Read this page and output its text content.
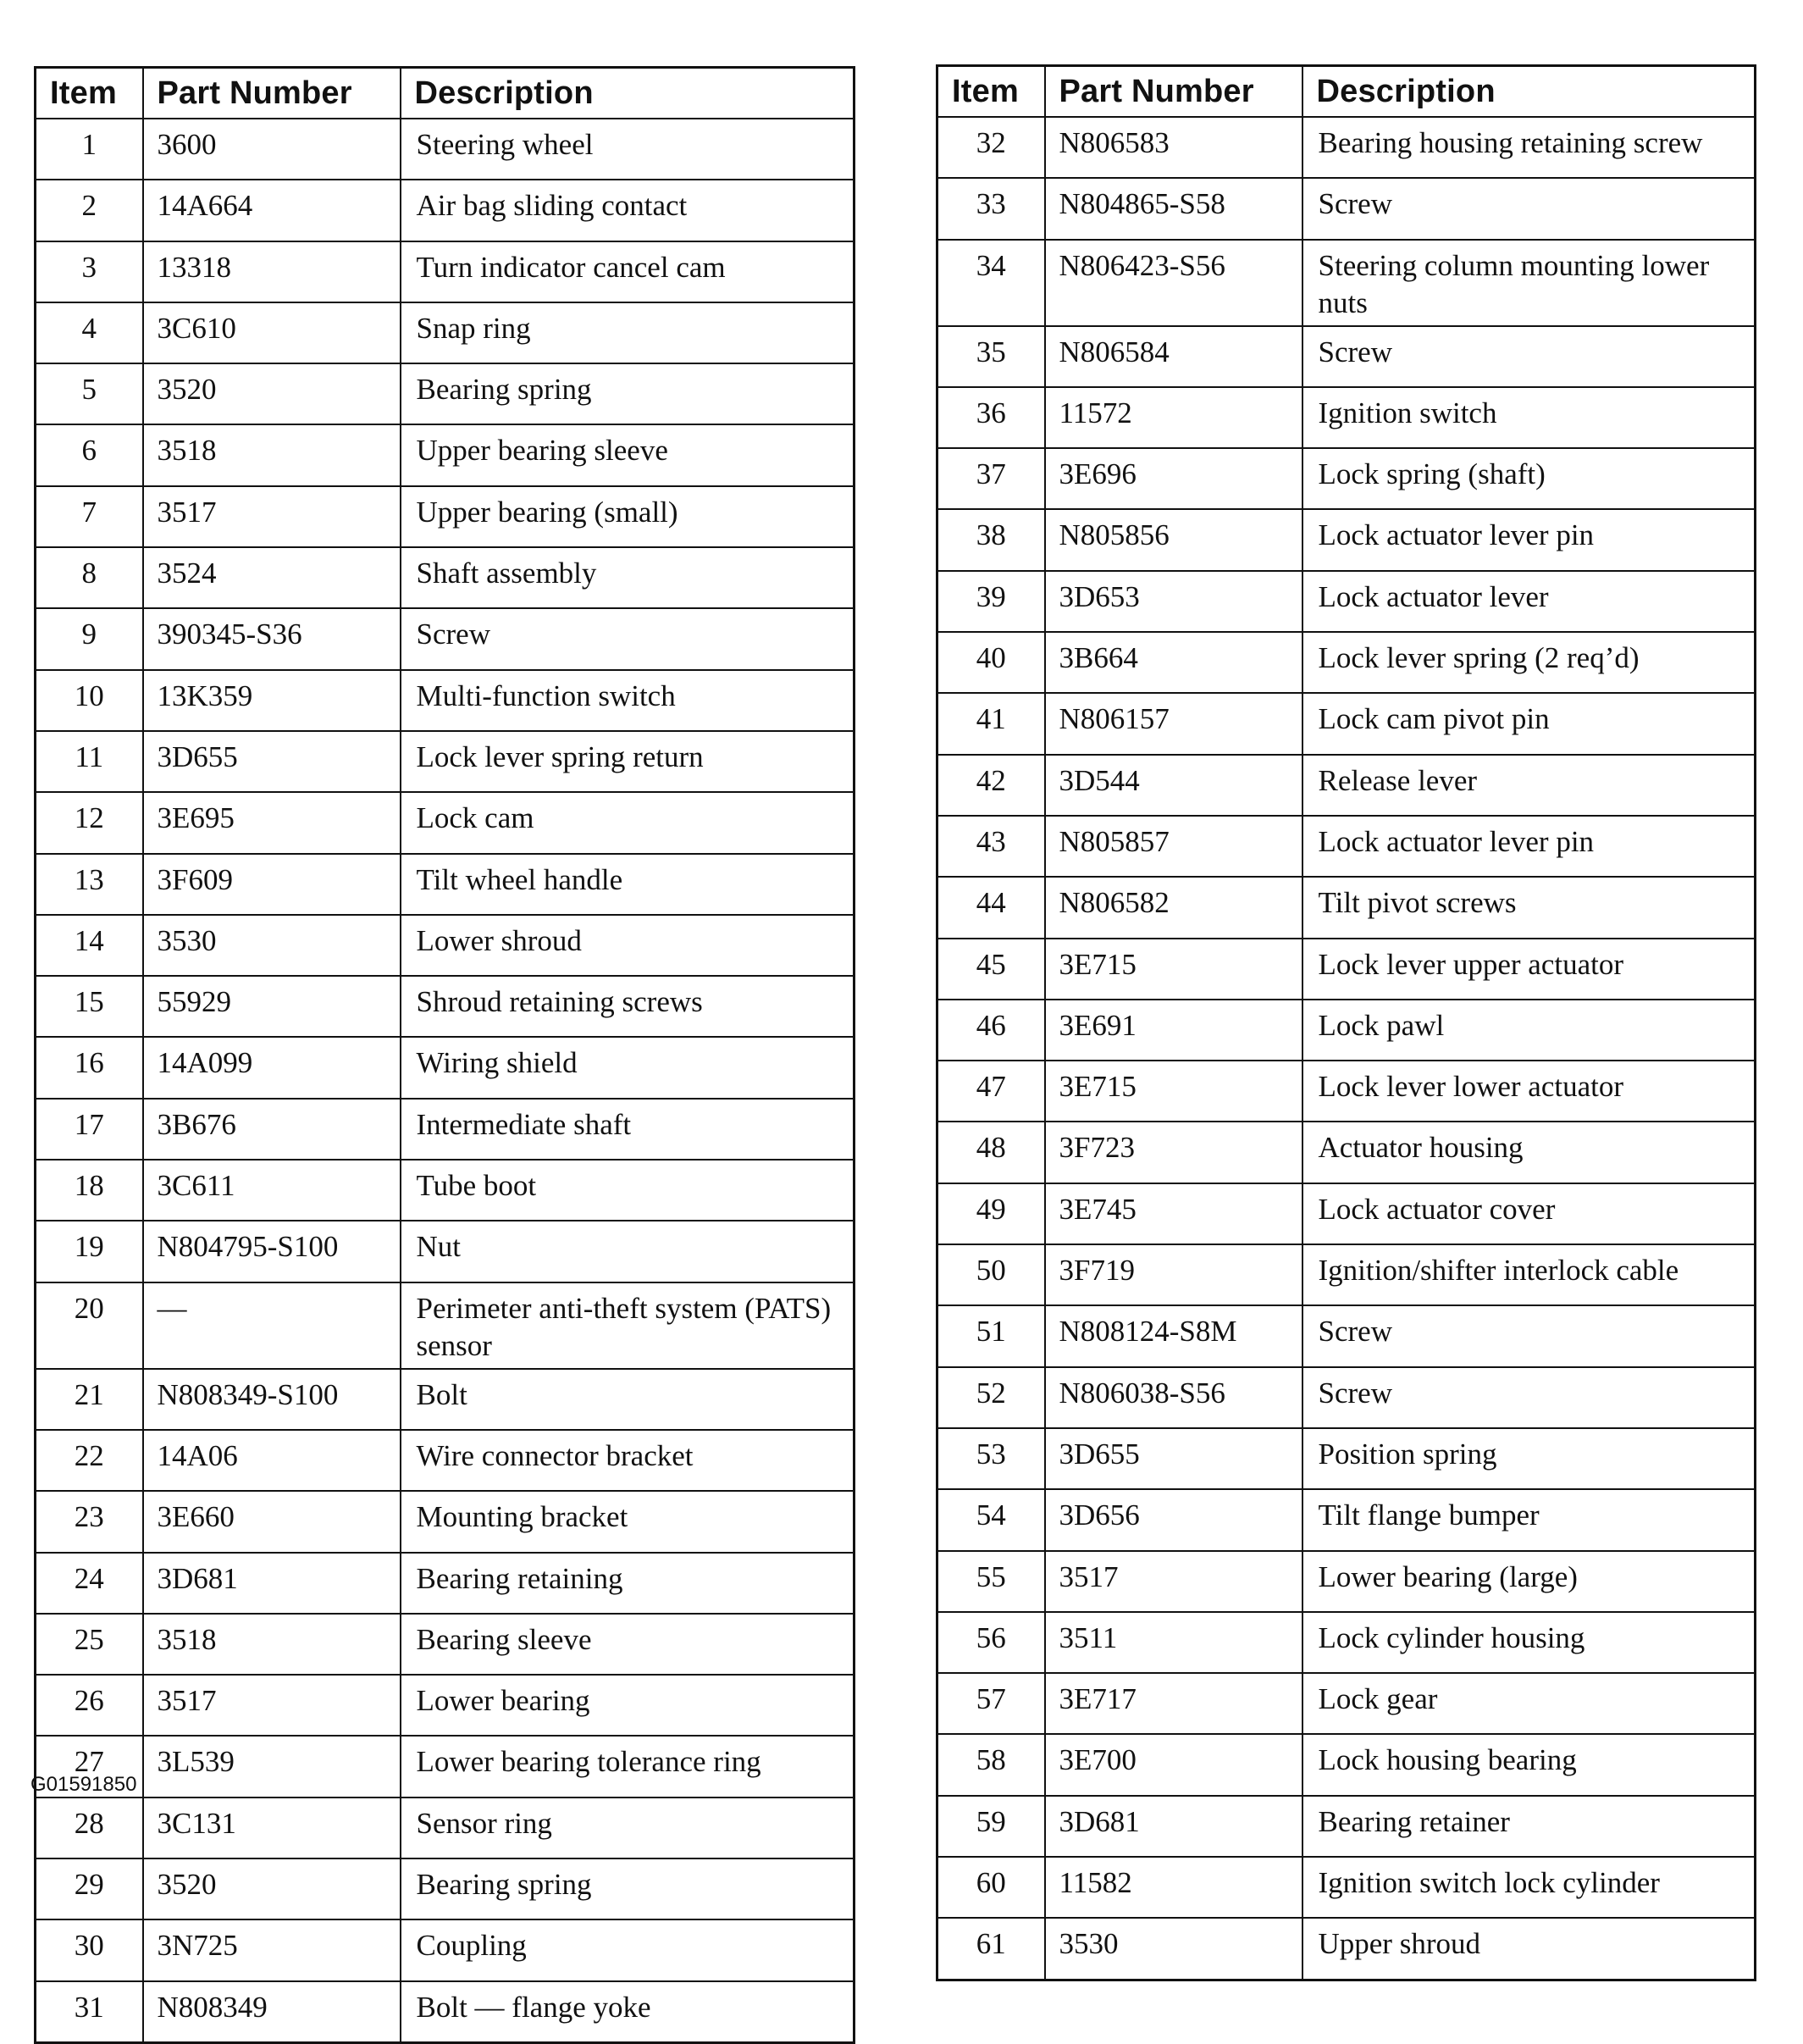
Item	Part Number	Description
1	3600	Steering wheel
2	14A664	Air bag sliding contact
3	13318	Turn indicator cancel cam
4	3C610	Snap ring
5	3520	Bearing spring
6	3518	Upper bearing sleeve
7	3517	Upper bearing (small)
8	3524	Shaft assembly
9	390345-S36	Screw
10	13K359	Multi-function switch
11	3D655	Lock lever spring return
12	3E695	Lock cam
13	3F609	Tilt wheel handle
14	3530	Lower shroud
15	55929	Shroud retaining screws
16	14A099	Wiring shield
17	3B676	Intermediate shaft
18	3C611	Tube boot
19	N804795-S100	Nut
20	—	Perimeter anti-theft system (PATS) sensor
21	N808349-S100	Bolt
22	14A06	Wire connector bracket
23	3E660	Mounting bracket
24	3D681	Bearing retaining
25	3518	Bearing sleeve
26	3517	Lower bearing
27	3L539	Lower bearing tolerance ring
28	3C131	Sensor ring
29	3520	Bearing spring
30	3N725	Coupling
31	N808349	Bolt — flange yoke
Item	Part Number	Description
32	N806583	Bearing housing retaining screw
33	N804865-S58	Screw
34	N806423-S56	Steering column mounting lower nuts
35	N806584	Screw
36	11572	Ignition switch
37	3E696	Lock spring (shaft)
38	N805856	Lock actuator lever pin
39	3D653	Lock actuator lever
40	3B664	Lock lever spring (2 req’d)
41	N806157	Lock cam pivot pin
42	3D544	Release lever
43	N805857	Lock actuator lever pin
44	N806582	Tilt pivot screws
45	3E715	Lock lever upper actuator
46	3E691	Lock pawl
47	3E715	Lock lever lower actuator
48	3F723	Actuator housing
49	3E745	Lock actuator cover
50	3F719	Ignition/shifter interlock cable
51	N808124-S8M	Screw
52	N806038-S56	Screw
53	3D655	Position spring
54	3D656	Tilt flange bumper
55	3517	Lower bearing (large)
56	3511	Lock cylinder housing
57	3E717	Lock gear
58	3E700	Lock housing bearing
59	3D681	Bearing retainer
60	11582	Ignition switch lock cylinder
61	3530	Upper shroud
G01591850
